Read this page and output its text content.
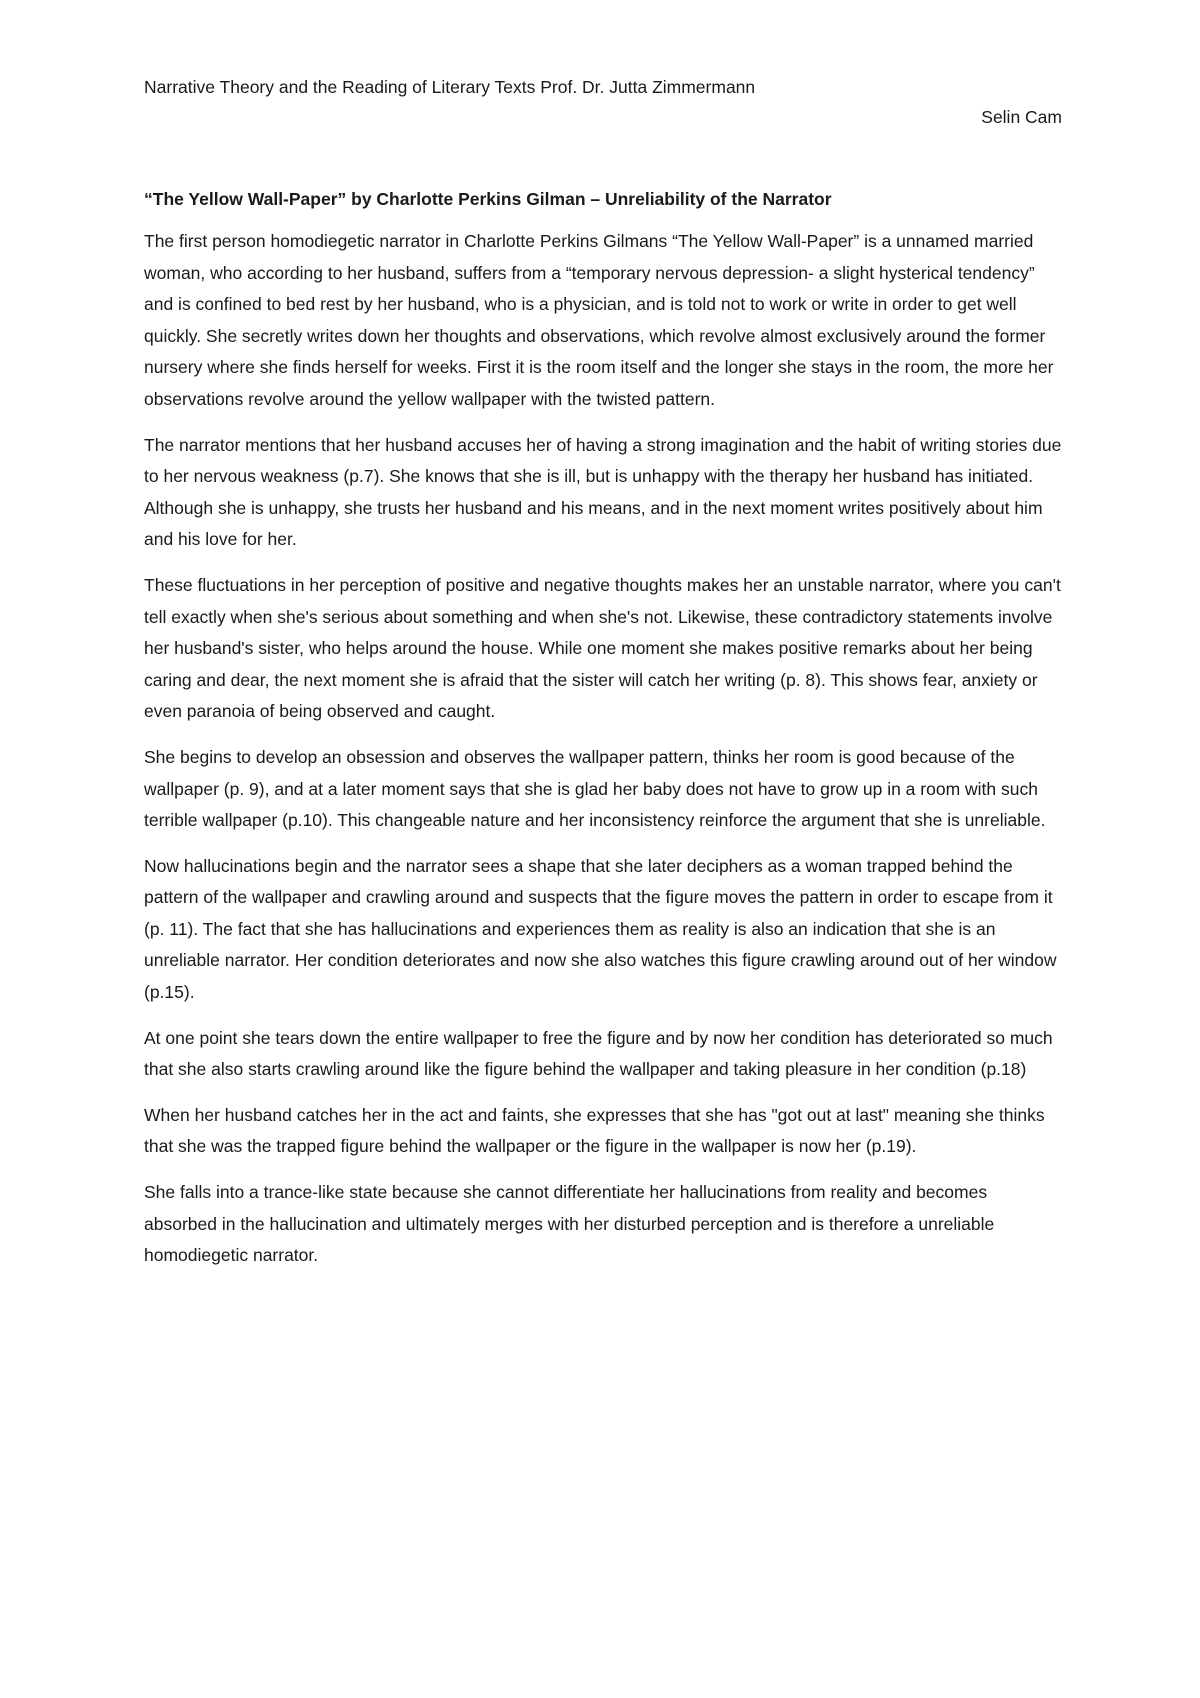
Narrative Theory and the Reading of Literary Texts Prof. Dr. Jutta Zimmermann

Selin Cam

“The Yellow Wall-Paper” by Charlotte Perkins Gilman – Unreliability of the Narrator

The first person homodiegetic narrator in Charlotte Perkins Gilmans “The Yellow Wall-Paper” is a unnamed married woman, who according to her husband, suffers from a “temporary nervous depression- a slight hysterical tendency” and is confined to bed rest by her husband, who is a physician, and is told not to work or write in order to get well quickly. She secretly writes down her thoughts and observations, which revolve almost exclusively around the former nursery where she finds herself for weeks. First it is the room itself and the longer she stays in the room, the more her observations revolve around the yellow wallpaper with the twisted pattern.

The narrator mentions that her husband accuses her of having a strong imagination and the habit of writing stories due to her nervous weakness (p.7). She knows that she is ill, but is unhappy with the therapy her husband has initiated. Although she is unhappy, she trusts her husband and his means, and in the next moment writes positively about him and his love for her.

These fluctuations in her perception of positive and negative thoughts makes her an unstable narrator, where you can't tell exactly when she's serious about something and when she's not. Likewise, these contradictory statements involve her husband's sister, who helps around the house. While one moment she makes positive remarks about her being caring and dear, the next moment she is afraid that the sister will catch her writing (p. 8). This shows fear, anxiety or even paranoia of being observed and caught.

She begins to develop an obsession and observes the wallpaper pattern, thinks her room is good because of the wallpaper (p. 9), and at a later moment says that she is glad her baby does not have to grow up in a room with such terrible wallpaper (p.10). This changeable nature and her inconsistency reinforce the argument that she is unreliable.

Now hallucinations begin and the narrator sees a shape that she later deciphers as a woman trapped behind the pattern of the wallpaper and crawling around and suspects that the figure moves the pattern in order to escape from it (p. 11). The fact that she has hallucinations and experiences them as reality is also an indication that she is an unreliable narrator. Her condition deteriorates and now she also watches this figure crawling around out of her window (p.15).

At one point she tears down the entire wallpaper to free the figure and by now her condition has deteriorated so much that she also starts crawling around like the figure behind the wallpaper and taking pleasure in her condition (p.18)

When her husband catches her in the act and faints, she expresses that she has "got out at last" meaning she thinks that she was the trapped figure behind the wallpaper or the figure in the wallpaper is now her (p.19).

She falls into a trance-like state because she cannot differentiate her hallucinations from reality and becomes absorbed in the hallucination and ultimately merges with her disturbed perception and is therefore a unreliable homodiegetic narrator.
